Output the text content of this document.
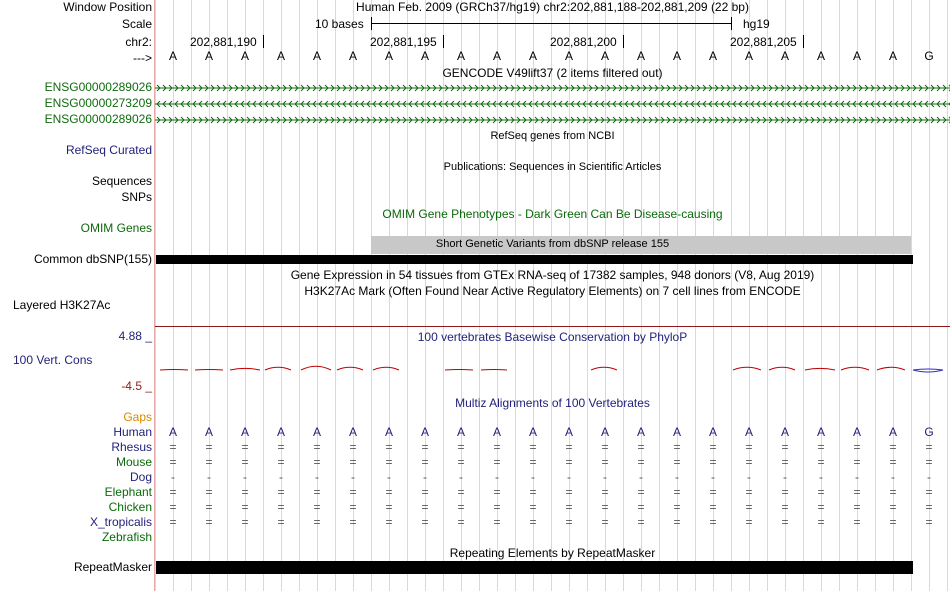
Window Position
Scale
chr2:
--->
ENSG00000289026
ENSG00000273209
ENSG00000289026
RefSeq Curated
Sequences
SNPs
OMIM Genes
Common dbSNP(155)
Layered H3K27Ac
4.88 _
100 Vert. Cons
-4.5 _
Gaps
Human
Rhesus
Mouse
Dog
Elephant
Chicken
X_tropicalis
Zebrafish
RepeatMasker
Human Feb. 2009 (GRCh37/hg19) chr2:202,881,188-202,881,209 (22 bp)
10 bases	hg19
202,881,190	202,881,195	202,881,200	202,881,205
A	A	A	A	A	A	A	A	A	A	A	A	A	A	A	A	A	A	A	A	A	G
GENCODE V49lift37 (2 items filtered out)
RefSeq genes from NCBI
Publications: Sequences in Scientific Articles
OMIM Gene Phenotypes - Dark Green Can Be Disease-causing
Short Genetic Variants from dbSNP release 155
Gene Expression in 54 tissues from GTEx RNA-seq of 17382 samples, 948 donors (V8, Aug 2019)
H3K27Ac Mark (Often Found Near Active Regulatory Elements) on 7 cell lines from ENCODE
100 vertebrates Basewise Conservation by PhyloP
Multiz Alignments of 100 Vertebrates
A	A	A	A	A	A	A	A	A	A	A	A	A	A	A	A	A	A	A	A	A	G
=	=	=	=	=	=	=	=	=	=	=	=	=	=	=	=	=	=	=	=	=	=
=	=	=	=	=	=	=	=	=	=	=	=	=	=	=	=	=	=	=	=	=	=
-	-	-	-	-	-	-	-	-	-	-	-	-	-	-	-	-	-	-	-	-	-
=	=	=	=	=	=	=	=	=	=	=	=	=	=	=	=	=	=	=	=	=	=
=	=	=	=	=	=	=	=	=	=	=	=	=	=	=	=	=	=	=	=	=	=
=	=	=	=	=	=	=	=	=	=	=	=	=	=	=	=	=	=	=	=	=	=
Repeating Elements by RepeatMasker
